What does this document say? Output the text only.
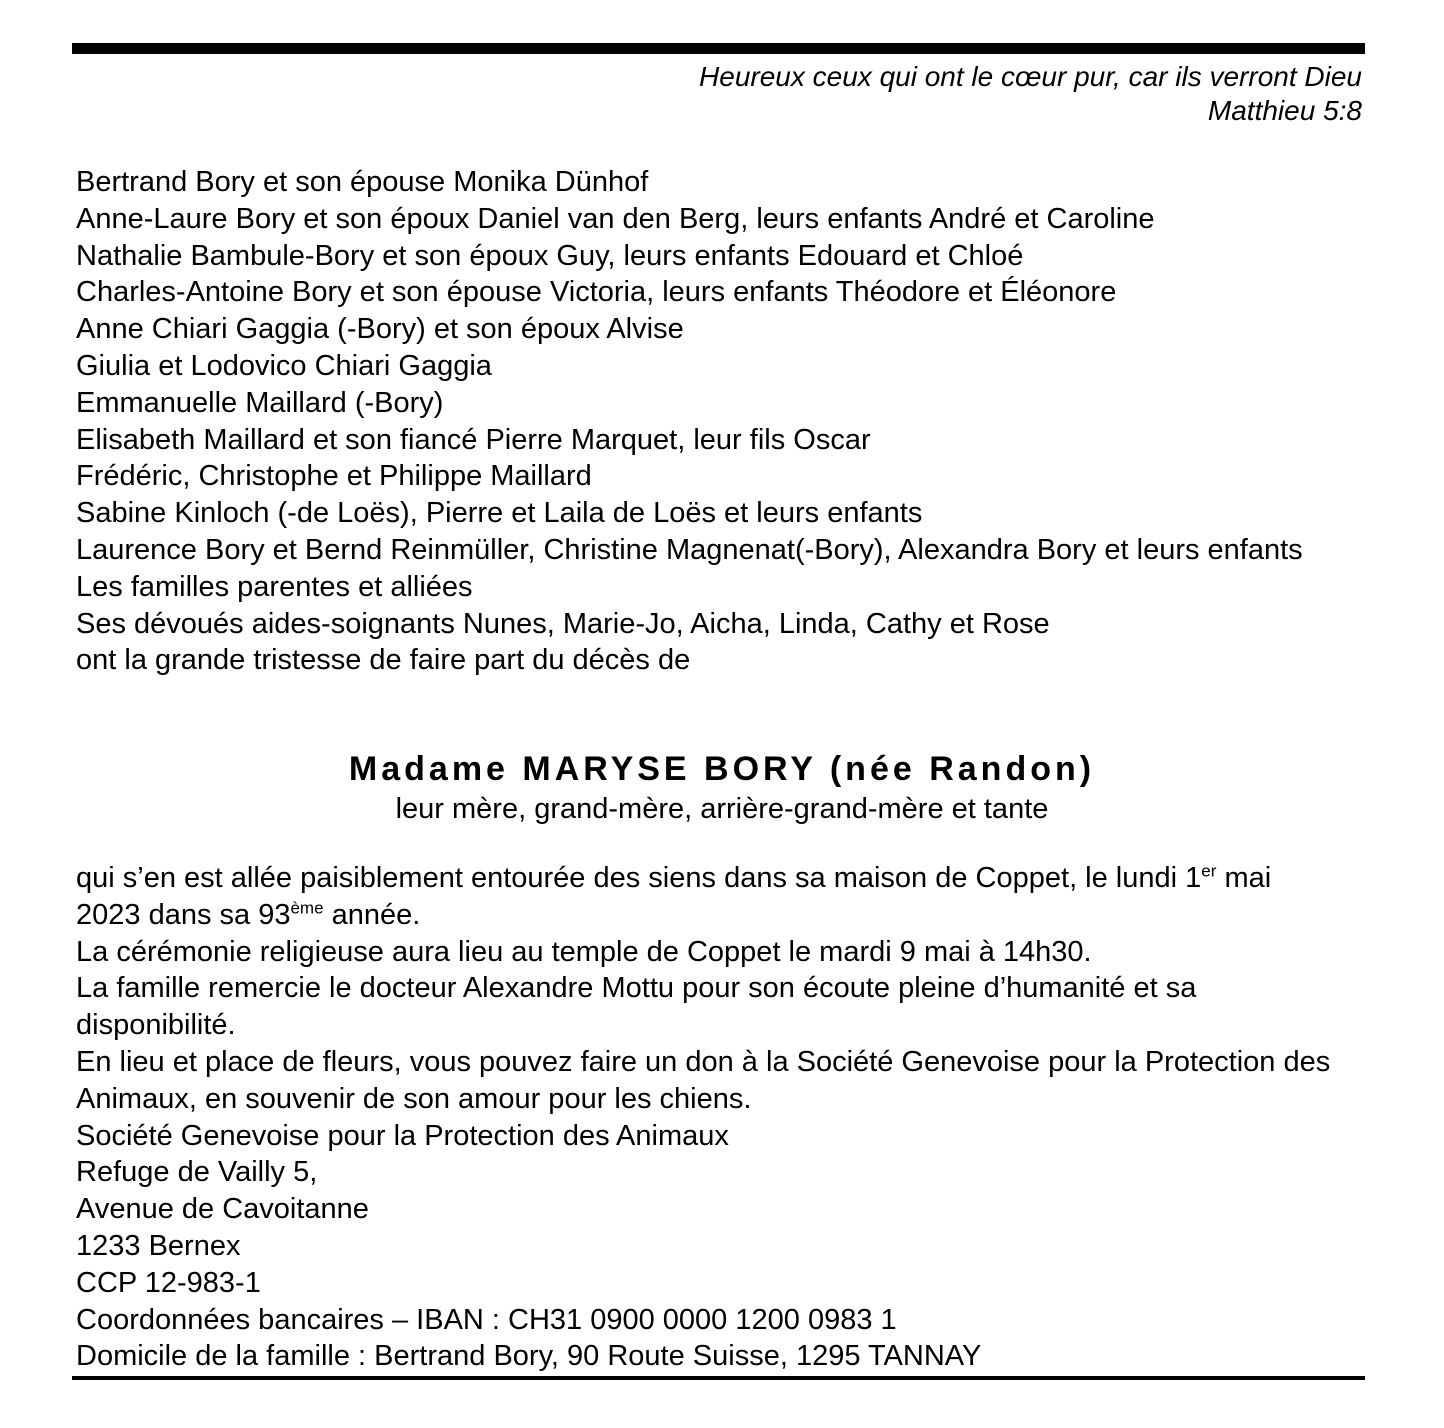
Heureux ceux qui ont le cœur pur, car ils verront Dieu
Matthieu 5:8
Bertrand Bory et son épouse Monika Dünhof
Anne-Laure Bory et son époux Daniel van den Berg, leurs enfants André et Caroline
Nathalie Bambule-Bory et son époux Guy, leurs enfants Edouard et Chloé
Charles-Antoine Bory et son épouse Victoria, leurs enfants Théodore et Éléonore
Anne Chiari Gaggia (-Bory) et son époux Alvise
Giulia et Lodovico Chiari Gaggia
Emmanuelle Maillard (-Bory)
Elisabeth Maillard et son fiancé Pierre Marquet, leur fils Oscar
Frédéric, Christophe et Philippe Maillard
Sabine Kinloch (-de Loës), Pierre et Laila de Loës et leurs enfants
Laurence Bory et Bernd Reinmüller, Christine Magnenat(-Bory), Alexandra Bory et leurs enfants
Les familles parentes et alliées
Ses dévoués aides-soignants Nunes, Marie-Jo, Aicha, Linda, Cathy et Rose
ont la grande tristesse de faire part du décès de
Madame MARYSE BORY (née Randon)
leur mère, grand-mère, arrière-grand-mère et tante
qui s’en est allée paisiblement entourée des siens dans sa maison de Coppet, le lundi 1er mai 2023 dans sa 93ème année.
La cérémonie religieuse aura lieu au temple de Coppet le mardi 9 mai à 14h30.
La famille remercie le docteur Alexandre Mottu pour son écoute pleine d’humanité et sa disponibilité.
En lieu et place de fleurs, vous pouvez faire un don à la Société Genevoise pour la Protection des Animaux, en souvenir de son amour pour les chiens.
Société Genevoise pour la Protection des Animaux
Refuge de Vailly 5,
Avenue de Cavoitanne
1233 Bernex
CCP 12-983-1
Coordonnées bancaires – IBAN : CH31 0900 0000 1200 0983 1
Domicile de la famille : Bertrand Bory, 90 Route Suisse, 1295 TANNAY
